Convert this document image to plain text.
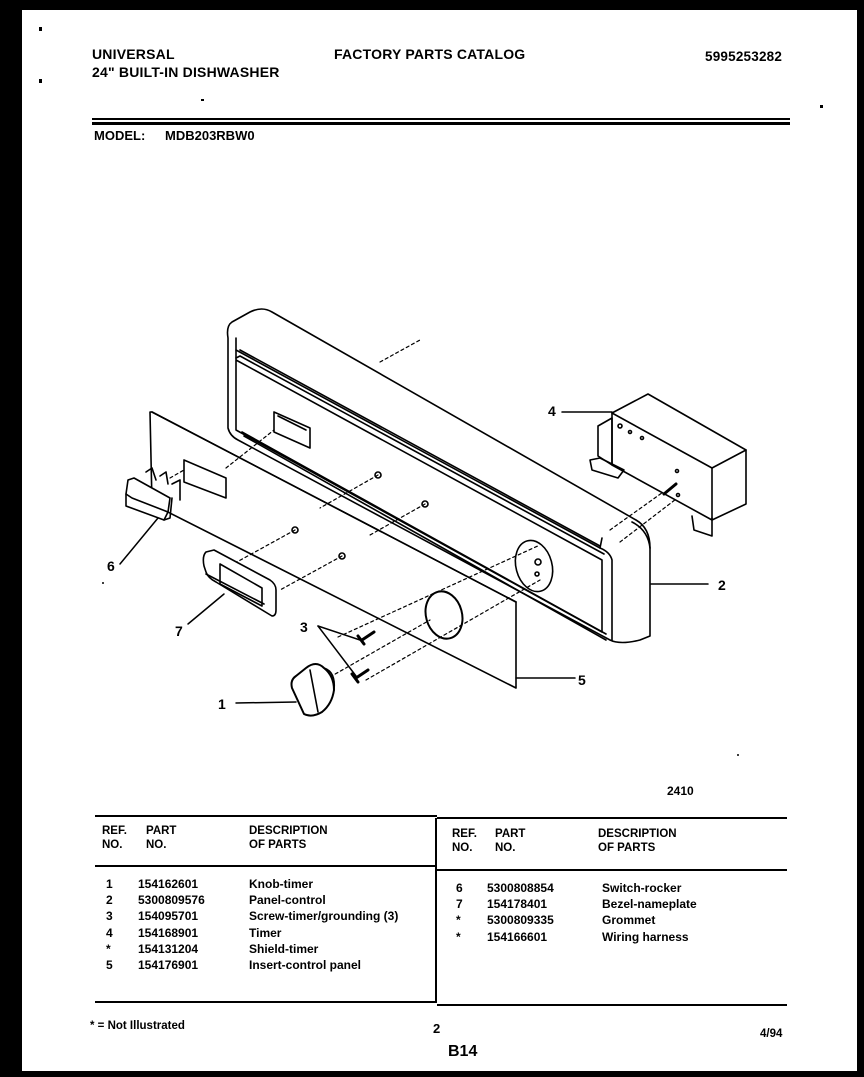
UNIVERSAL
24" BUILT-IN DISHWASHER
FACTORY PARTS CATALOG	5995253282
MODEL: MDB203RBW0
1
2
3
4
5
6
7
2410
REF.
NO.
PART
NO.
DESCRIPTION
OF PARTS
REF.
NO.
PART
NO.
DESCRIPTION
OF PARTS
1
2
3
4
*
5
154162601
5300809576
154095701
154168901
154131204
154176901
Knob-timer
Panel-control
Screw-timer/grounding (3)
Timer
Shield-timer
Insert-control panel
6
7
*
*
5300808854
154178401
5300809335
154166601
Switch-rocker
Bezel-nameplate
Grommet
Wiring harness
* = Not Illustrated	2
B14
4/94
